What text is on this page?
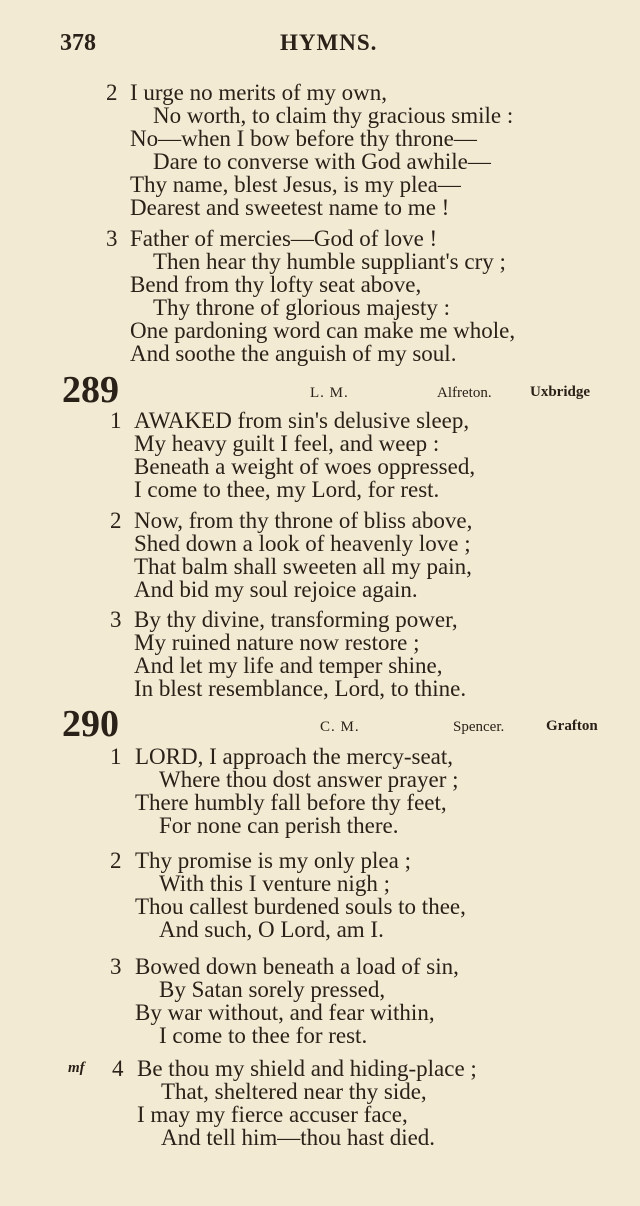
378	HYMNS.
2 I urge no merits of my own,
No worth, to claim thy gracious smile :
No—when I bow before thy throne—
Dare to converse with God awhile—
Thy name, blest Jesus, is my plea—
Dearest and sweetest name to me !
3 Father of mercies—God of love !
Then hear thy humble suppliant's cry ;
Bend from thy lofty seat above,
Thy throne of glorious majesty :
One pardoning word can make me whole,
And soothe the anguish of my soul.
289	L. M.	Alfreton.	Uxbridge
1 AWAKED from sin's delusive sleep,
My heavy guilt I feel, and weep :
Beneath a weight of woes oppressed,
I come to thee, my Lord, for rest.
2 Now, from thy throne of bliss above,
Shed down a look of heavenly love ;
That balm shall sweeten all my pain,
And bid my soul rejoice again.
3 By thy divine, transforming power,
My ruined nature now restore ;
And let my life and temper shine,
In blest resemblance, Lord, to thine.
290	C. M.	Spencer.	Grafton
1 LORD, I approach the mercy-seat,
Where thou dost answer prayer ;
There humbly fall before thy feet,
For none can perish there.
2 Thy promise is my only plea ;
With this I venture nigh ;
Thou callest burdened souls to thee,
And such, O Lord, am I.
3 Bowed down beneath a load of sin,
By Satan sorely pressed,
By war without, and fear within,
I come to thee for rest.
mf 4 Be thou my shield and hiding-place ;
That, sheltered near thy side,
I may my fierce accuser face,
And tell him—thou hast died.
